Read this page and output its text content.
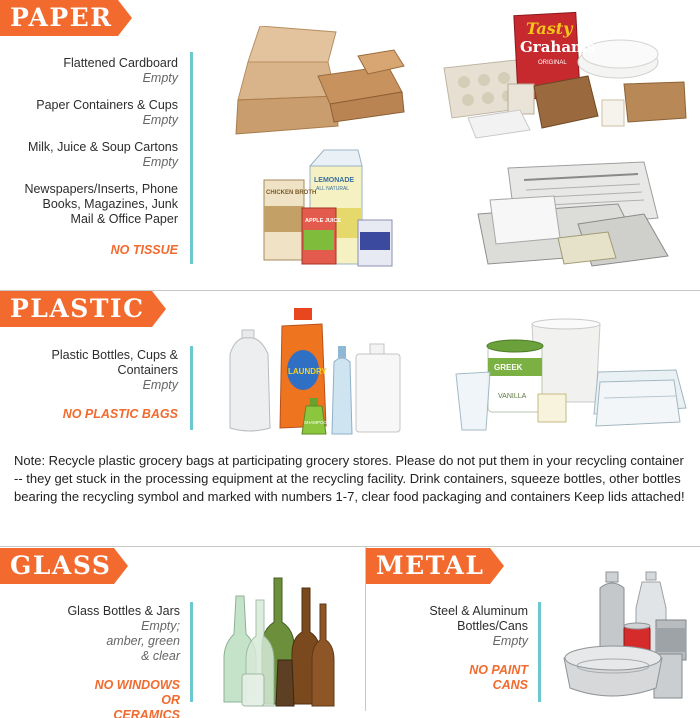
PAPER
Flattened Cardboard
Empty
Paper Containers & Cups
Empty
Milk, Juice & Soup Cartons
Empty
Newspapers/Inserts, Phone Books, Magazines, Junk Mail & Office Paper
NO TISSUE
Tasty
Grahams
ORIGINAL
CHICKEN BROTH
LEMONADE
ALL NATURAL
APPLE JUICE
PLASTIC
Plastic Bottles, Cups & Containers
Empty
NO PLASTIC BAGS
LAUNDRY
SHAMPOO
GREEK
VANILLA
Note: Recycle plastic grocery bags at participating grocery stores. Please do not put them in your recycling container -- they get stuck in the processing equipment at the recycling facility. Drink containers, squeeze bottles, other bottles bearing the recycling symbol and marked with numbers 1-7, clear food packaging and containers Keep lids attached!
GLASS
Glass Bottles & Jars
Empty; amber, green & clear
NO WINDOWS OR CERAMICS
METAL
Steel & Aluminum Bottles/Cans
Empty
NO PAINT CANS
